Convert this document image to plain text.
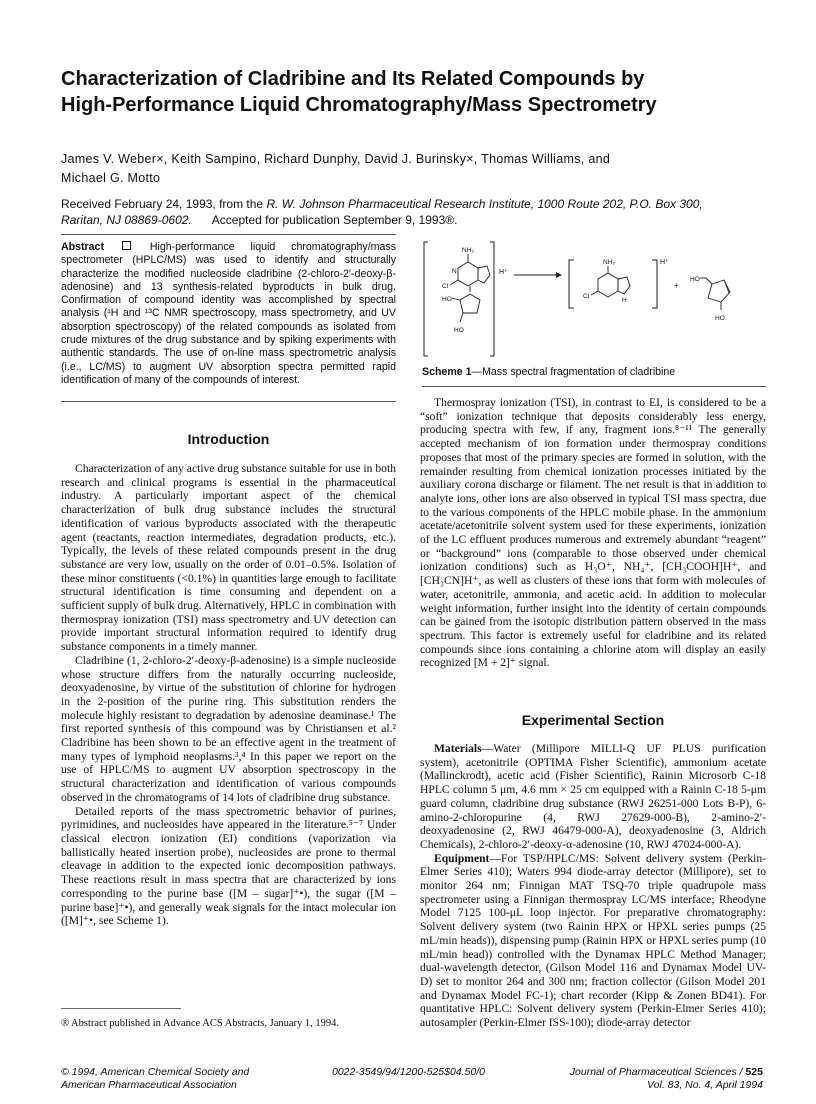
Characterization of Cladribine and Its Related Compounds by
High-Performance Liquid Chromatography/Mass Spectrometry
James V. Weber×, Keith Sampino, Richard Dunphy, David J. Burinsky×, Thomas Williams, and
Michael G. Motto
Received February 24, 1993, from the R. W. Johnson Pharmaceutical Research Institute, 1000 Route 202, P.O. Box 300,
Raritan, NJ 08869-0602. Accepted for publication September 9, 1993®.
Abstract	High-performance liquid chromatography/mass spectrometer (HPLC/MS) was used to identify and structurally characterize the modified nucleoside cladribine (2-chloro-2′-deoxy-β-adenosine) and 13 synthesis-related byproducts in bulk drug. Confirmation of compound identity was accomplished by spectral analysis (¹H and ¹³C NMR spectroscopy, mass spectrometry, and UV absorption spectroscopy) of the related compounds as isolated from crude mixtures of the drug substance and by spiking experiments with authentic standards. The use of on-line mass spectrometric analysis (i.e., LC/MS) to augment UV absorption spectra permitted rapid identification of many of the compounds of interest.
Introduction

Characterization of any active drug substance suitable for use in both research and clinical programs is essential in the pharmaceutical industry. A particularly important aspect of the chemical characterization of bulk drug substance includes the structural identification of various byproducts associated with the therapeutic agent (reactants, reaction intermediates, degradation products, etc.). Typically, the levels of these related compounds present in the drug substance are very low, usually on the order of 0.01–0.5%. Isolation of these minor constituents (<0.1%) in quantities large enough to facilitate structural identification is time consuming and dependent on a sufficient supply of bulk drug. Alternatively, HPLC in combination with thermospray ionization (TSI) mass spectrometry and UV detection can provide important structural information required to identify drug substance components in a timely manner.

Cladribine (1, 2-chloro-2′-deoxy-β-adenosine) is a simple nucleoside whose structure differs from the naturally occurring nucleoside, deoxyadenosine, by virtue of the substitution of chlorine for hydrogen in the 2-position of the purine ring. This substitution renders the molecule highly resistant to degradation by adenosine deaminase.¹ The first reported synthesis of this compound was by Christiansen et al.² Cladribine has been shown to be an effective agent in the treatment of many types of lymphoid neoplasms.³,⁴ In this paper we report on the use of HPLC/MS to augment UV absorption spectroscopy in the structural characterization and identification of various compounds observed in the chromatograms of 14 lots of cladribine drug substance.

Detailed reports of the mass spectrometric behavior of purines, pyrimidines, and nucleosides have appeared in the literature.⁵⁻⁷ Under classical electron ionization (EI) conditions (vaporization via ballistically heated insertion probe), nucleosides are prone to thermal cleavage in addition to the expected ionic decomposition pathways. These reactions result in mass spectra that are characterized by ions corresponding to the purine base ([M – sugar]⁺•), the sugar ([M – purine base]⁺•), and generally weak signals for the intact molecular ion ([M]⁺•, see Scheme 1).

® Abstract published in Advance ACS Abstracts, January 1, 1994.
NH₂
N
Cl
HO
HO
H⁺
NH₂
Cl
H
H⁺
+
HO
HO
Scheme 1—Mass spectral fragmentation of cladribine

Thermospray ionization (TSI), in contrast to EI, is considered to be a “soft” ionization technique that deposits considerably less energy, producing spectra with few, if any, fragment ions.⁸⁻¹¹ The generally accepted mechanism of ion formation under thermospray conditions proposes that most of the primary species are formed in solution, with the remainder resulting from chemical ionization processes initiated by the auxiliary corona discharge or filament. The net result is that in addition to analyte ions, other ions are also observed in typical TSI mass spectra, due to the various components of the HPLC mobile phase. In the ammonium acetate/acetonitrile solvent system used for these experiments, ionization of the LC effluent produces numerous and extremely abundant “reagent” or “background” ions (comparable to those observed under chemical ionization conditions) such as H₃O⁺, NH₄⁺, [CH₃COOH]H⁺, and [CH₃CN]H⁺, as well as clusters of these ions that form with molecules of water, acetonitrile, ammonia, and acetic acid. In addition to molecular weight information, further insight into the identity of certain compounds can be gained from the isotopic distribution pattern observed in the mass spectrum. This factor is extremely useful for cladribine and its related compounds since ions containing a chlorine atom will display an easily recognized [M + 2]⁺ signal.

Experimental Section

Materials—Water (Millipore MILLI-Q UF PLUS purification system), acetonitrile (OPTIMA Fisher Scientific), ammonium acetate (Mallinckrodt), acetic acid (Fisher Scientific), Rainin Microsorb C-18 HPLC column 5 μm, 4.6 mm × 25 cm equipped with a Rainin C-18 5-μm guard column, cladribine drug substance (RWJ 26251-000 Lots B-P), 6-amino-2-chloropurine (4, RWJ 27629-000-B), 2-amino-2′-deoxyadenosine (2, RWJ 46479-000-A), deoxyadenosine (3, Aldrich Chemicals), 2-chloro-2′-deoxy-α-adenosine (10, RWJ 47024-000-A).

Equipment—For TSP/HPLC/MS: Solvent delivery system (Perkin-Elmer Series 410); Waters 994 diode-array detector (Millipore), set to monitor 264 nm; Finnigan MAT TSQ-70 triple quadrupole mass spectrometer using a Finnigan thermospray LC/MS interface; Rheodyne Model 7125 100-μL loop injector. For preparative chromatography: Solvent delivery system (two Rainin HPX or HPXL series pumps (25 mL/min heads)), dispensing pump (Rainin HPX or HPXL series pump (10 mL/min head)) controlled with the Dynamax HPLC Method Manager; dual-wavelength detector, (Gilson Model 116 and Dynamax Model UV-D) set to monitor 264 and 300 nm; fraction collector (Gilson Model 201 and Dynamax Model FC-1); chart recorder (Kipp & Zonen BD41). For quantitative HPLC: Solvent delivery system (Perkin-Elmer Series 410); autosampler (Perkin-Elmer ISS-100); diode-array detector

© 1994, American Chemical Society and
American Pharmaceutical Association
0022-3549/94/1200-525$04.50/0	Journal of Pharmaceutical Sciences / 525
Vol. 83, No. 4, April 1994
